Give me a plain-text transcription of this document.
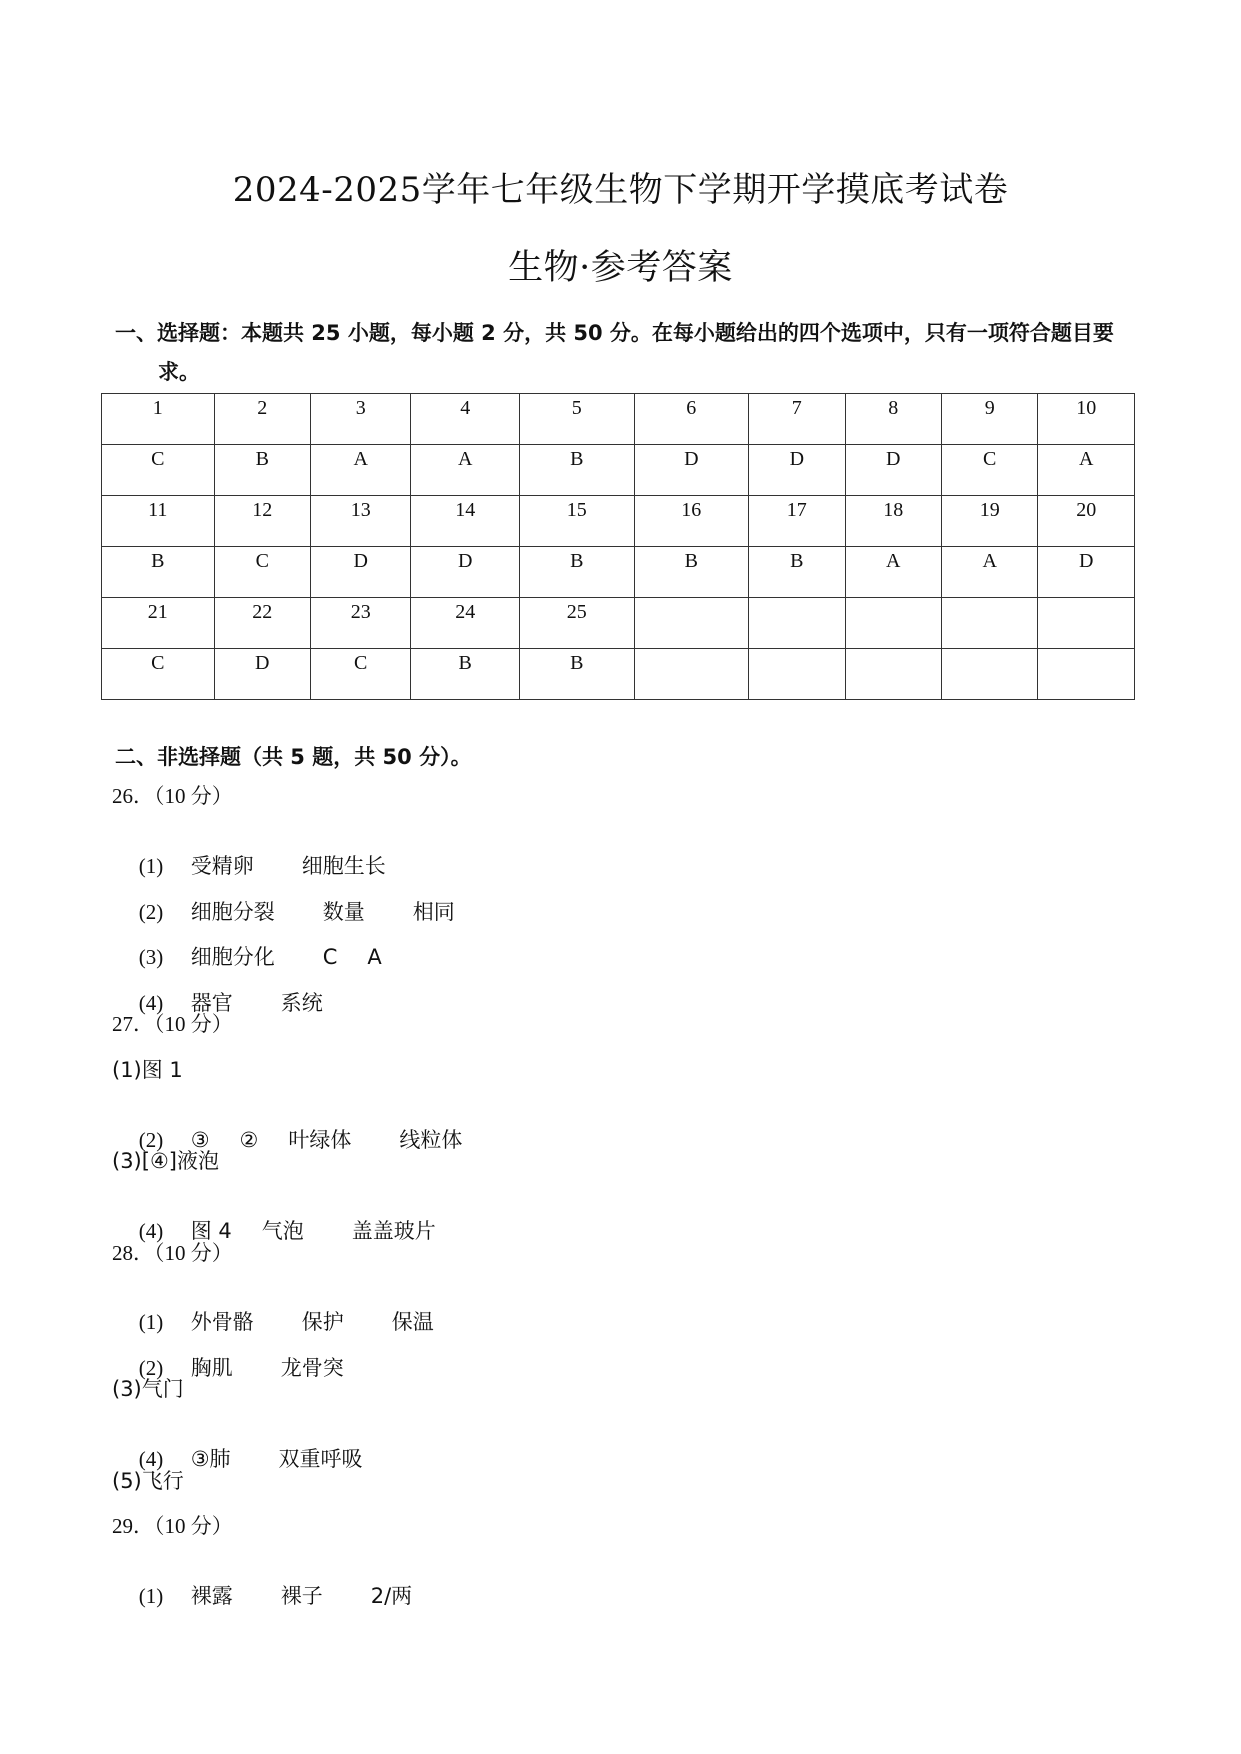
2024-2025学年七年级生物下学期开学摸底考试卷
生物·参考答案
一、选择题：本题共 25 小题，每小题 2 分，共 50 分。在每小题给出的四个选项中，只有一项符合题目要
求。
1	2	3	4	5	6	7	8	9	10
C	B	A	A	B	D	D	D	C	A
11	12	13	14	15	16	17	18	19	20
B	C	D	D	B	B	B	A	A	D
21	22	23	24	25					
C	D	C	B	B					
二、非选择题（共 5 题，共 50 分）。
26．（10 分）

(1) 受精卵 细胞生长

(2) 细胞分裂 数量 相同

(3) 细胞分化 C A

(4) 器官 系统

27．（10 分）
(1)图 1

(2) ③ ② 叶绿体 线粒体

(3)[④]液泡

(4) 图 4 气泡 盖盖玻片

28．（10 分）

(1) 外骨骼 保护 保温

(2) 胸肌 龙骨突

(3)气门

(4) ③肺 双重呼吸

(5)飞行
29．（10 分）

(1) 裸露 裸子 2/两
